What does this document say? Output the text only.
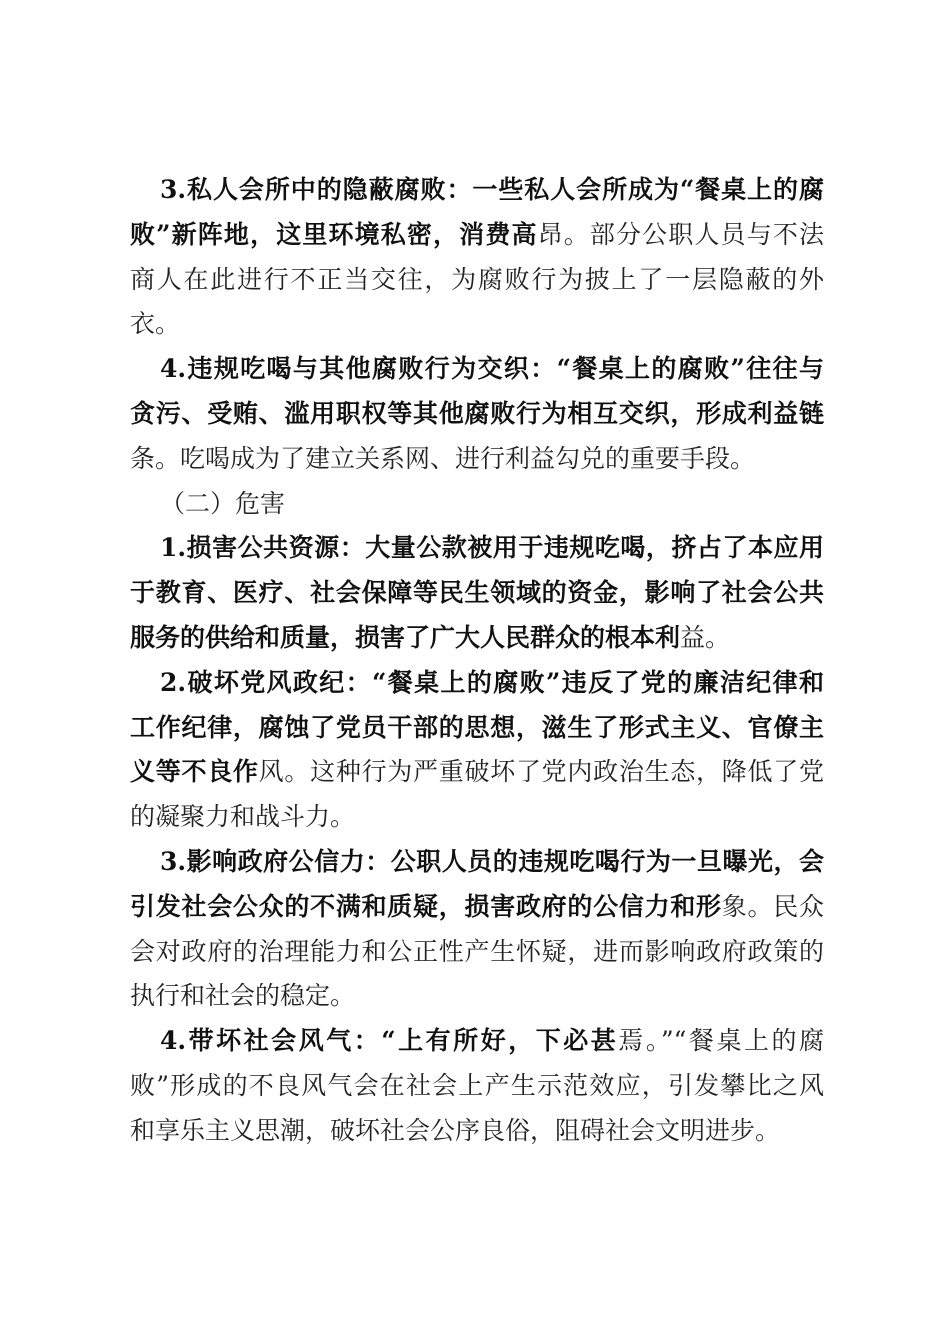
3.私人会所中的隐蔽腐败：一些私人会所成为“餐桌上的腐
败”新阵地，这里环境私密，消费高昂。部分公职人员与不法
商人在此进行不正当交往，为腐败行为披上了一层隐蔽的外
衣。
4.违规吃喝与其他腐败行为交织：“餐桌上的腐败”往往与
贪污、受贿、滥用职权等其他腐败行为相互交织，形成利益链
条。吃喝成为了建立关系网、进行利益勾兑的重要手段。
（二）危害
1.损害公共资源：大量公款被用于违规吃喝，挤占了本应用
于教育、医疗、社会保障等民生领域的资金，影响了社会公共
服务的供给和质量，损害了广大人民群众的根本利益。
2.破坏党风政纪：“餐桌上的腐败”违反了党的廉洁纪律和
工作纪律，腐蚀了党员干部的思想，滋生了形式主义、官僚主
义等不良作风。这种行为严重破坏了党内政治生态，降低了党
的凝聚力和战斗力。
3.影响政府公信力：公职人员的违规吃喝行为一旦曝光，会
引发社会公众的不满和质疑，损害政府的公信力和形象。民众
会对政府的治理能力和公正性产生怀疑，进而影响政府政策的
执行和社会的稳定。
4.带坏社会风气：“上有所好，下必甚焉。”“餐桌上的腐
败”形成的不良风气会在社会上产生示范效应，引发攀比之风
和享乐主义思潮，破坏社会公序良俗，阻碍社会文明进步。
